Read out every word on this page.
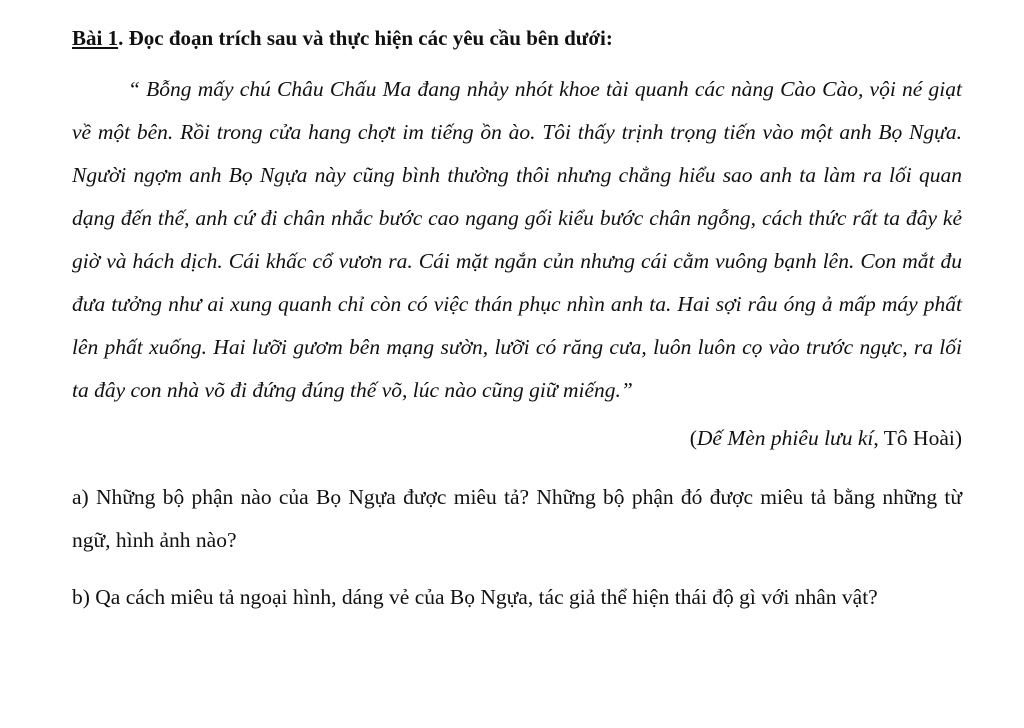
Bài 1. Đọc đoạn trích sau và thực hiện các yêu cầu bên dưới:

“ Bỗng mấy chú Châu Chấu Ma đang nhảy nhót khoe tài quanh các nàng Cào Cào, vội né giạt về một bên. Rồi trong cửa hang chợt im tiếng ồn ào. Tôi thấy trịnh trọng tiến vào một anh Bọ Ngựa. Người ngợm anh Bọ Ngựa này cũng bình thường thôi nhưng chẳng hiểu sao anh ta làm ra lối quan dạng đến thế, anh cứ đi chân nhắc bước cao ngang gối kiểu bước chân ngỗng, cách thức rất ta đây kẻ giờ và hách dịch. Cái khấc cổ vươn ra. Cái mặt ngắn củn nhưng cái cằm vuông bạnh lên. Con mắt đu đưa tưởng như ai xung quanh chỉ còn có việc thán phục nhìn anh ta. Hai sợi râu óng ả mấp máy phất lên phất xuống. Hai lưỡi gươm bên mạng sườn, lưỡi có răng cưa, luôn luôn cọ vào trước ngực, ra lối ta đây con nhà võ đi đứng đúng thế võ, lúc nào cũng giữ miếng.”
(Dế Mèn phiêu lưu kí, Tô Hoài)
a) Những bộ phận nào của Bọ Ngựa được miêu tả? Những bộ phận đó được miêu tả bằng những từ ngữ, hình ảnh nào?
b) Qa cách miêu tả ngoại hình, dáng vẻ của Bọ Ngựa, tác giả thể hiện thái độ gì với nhân vật?
